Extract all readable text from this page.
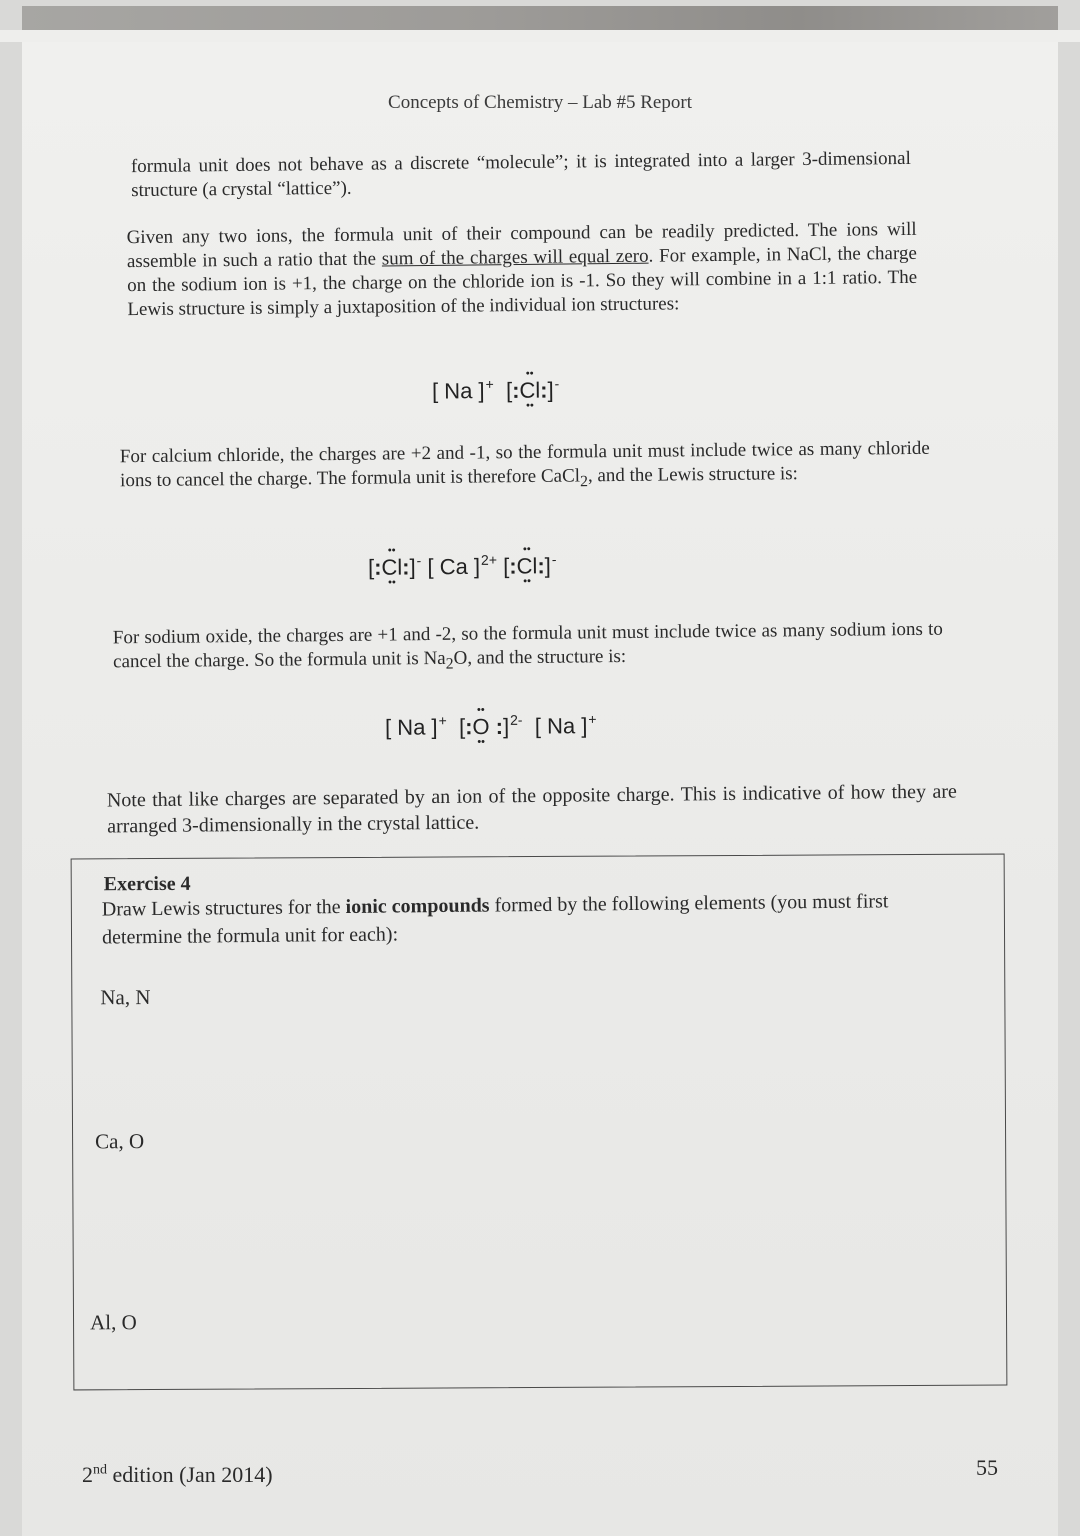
Concepts of Chemistry – Lab #5 Report
formula unit does not behave as a discrete “molecule”; it is integrated into a larger 3-dimensional structure (a crystal “lattice”).
Given any two ions, the formula unit of their compound can be readily predicted. The ions will assemble in such a ratio that the sum of the charges will equal zero. For example, in NaCl, the charge on the sodium ion is +1, the charge on the chloride ion is -1. So they will combine in a 1:1 ratio. The Lewis structure is simply a juxtaposition of the individual ion structures:
[ Na ]+  [:•• Cl ••:]-
For calcium chloride, the charges are +2 and -1, so the formula unit must include twice as many chloride ions to cancel the charge. The formula unit is therefore CaCl$_2$, and the Lewis structure is:
[:•• Cl ••:]- [ Ca ]$^{2+}$ [:•• Cl ••:]-
For sodium oxide, the charges are +1 and -2, so the formula unit must include twice as many sodium ions to cancel the charge. So the formula unit is $Na_2O$, and the structure is:
[ Na ]+  [:•• O •• :]$^{2-}$  [ Na ]+
Note that like charges are separated by an ion of the opposite charge. This is indicative of how they are arranged 3-dimensionally in the crystal lattice.
Exercise 4
Draw Lewis structures for the ionic compounds formed by the following elements (you must first determine the formula unit for each):
Na, N
Ca, O
Al, O
2nd edition (Jan 2014)	55
